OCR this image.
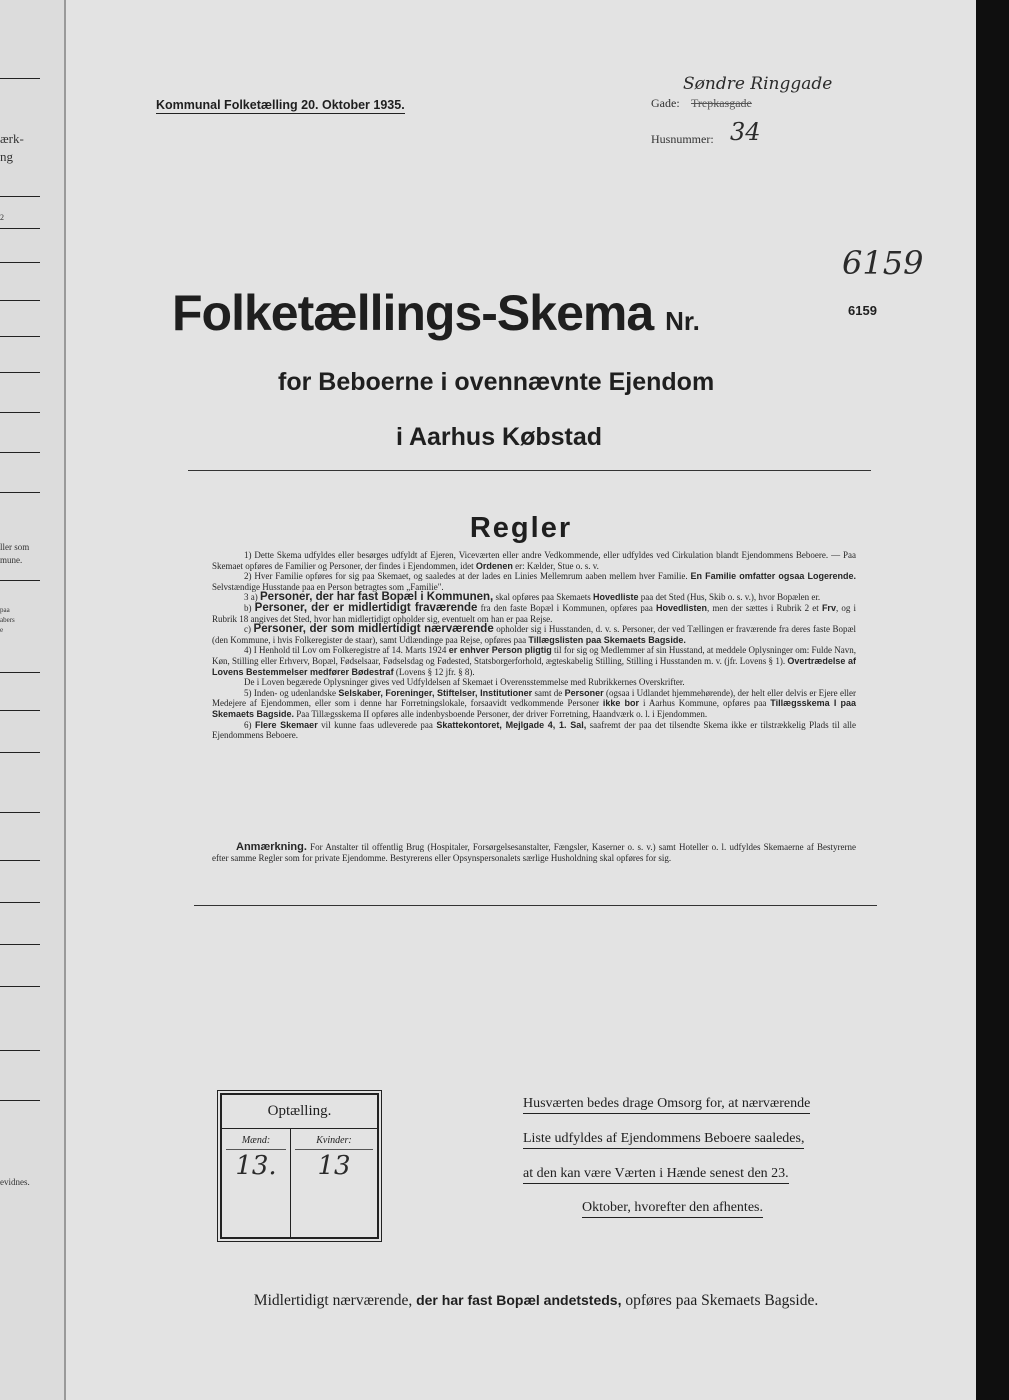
ærk-
ng
2
ller som
mune.
paa
abers
e
evidnes.
Kommunal Folketælling 20. Oktober 1935.	Gade: Trepkasgade
Søndre Ringgade
Husnummer: 34
6159
Folketællings-Skema Nr.	6159
for Beboerne i ovennævnte Ejendom
i Aarhus Købstad
Regler

1) Dette Skema udfyldes eller besørges udfyldt af Ejeren, Viceværten eller andre Vedkommende, eller udfyldes ved Cirkulation blandt Ejendommens Beboere. — Paa Skemaet opføres de Familier og Personer, der findes i Ejendommen, idet Ordenen er: Kælder, Stue o. s. v.

2) Hver Familie opføres for sig paa Skemaet, og saaledes at der lades en Linies Mellemrum aaben mellem hver Familie. En Familie omfatter ogsaa Logerende. Selvstændige Husstande paa en Person betragtes som „Familie".

3 a) Personer, der har fast Bopæl i Kommunen, skal opføres paa Skemaets Hovedliste paa det Sted (Hus, Skib o. s. v.), hvor Bopælen er.

b) Personer, der er midlertidigt fraværende fra den faste Bopæl i Kommunen, opføres paa Hovedlisten, men der sættes i Rubrik 2 et Frv, og i Rubrik 18 angives det Sted, hvor han midlertidigt opholder sig, eventuelt om han er paa Rejse.

c) Personer, der som midlertidigt nærværende opholder sig i Husstanden, d. v. s. Personer, der ved Tællingen er fraværende fra deres faste Bopæl (den Kommune, i hvis Folkeregister de staar), samt Udlændinge paa Rejse, opføres paa Tillægslisten paa Skemaets Bagside.

4) I Henhold til Lov om Folkeregistre af 14. Marts 1924 er enhver Person pligtig til for sig og Medlemmer af sin Husstand, at meddele Oplysninger om: Fulde Navn, Køn, Stilling eller Erhverv, Bopæl, Fødselsaar, Fødselsdag og Fødested, Statsborgerforhold, ægteskabelig Stilling, Stilling i Husstanden m. v. (jfr. Lovens § 1). Overtrædelse af Lovens Bestemmelser medfører Bødestraf (Lovens § 12 jfr. § 8).

De i Loven begærede Oplysninger gives ved Udfyldelsen af Skemaet i Overensstemmelse med Rubrikkernes Overskrifter.

5) Inden- og udenlandske Selskaber, Foreninger, Stiftelser, Institutioner samt de Personer (ogsaa i Udlandet hjemmehørende), der helt eller delvis er Ejere eller Medejere af Ejendommen, eller som i denne har Forretningslokale, forsaavidt vedkommende Personer ikke bor i Aarhus Kommune, opføres paa Tillægsskema I paa Skemaets Bagside. Paa Tillægsskema II opføres alle indenbysboende Personer, der driver Forretning, Haandværk o. l. i Ejendommen.

6) Flere Skemaer vil kunne faas udleverede paa Skattekontoret, Mejlgade 4, 1. Sal, saafremt der paa det tilsendte Skema ikke er tilstrækkelig Plads til alle Ejendommens Beboere.

Anmærkning. For Anstalter til offentlig Brug (Hospitaler, Forsørgelsesanstalter, Fængsler, Kaserner o. s. v.) samt Hoteller o. l. udfyldes Skemaerne af Bestyrerne efter samme Regler som for private Ejendomme. Bestyrerens eller Opsynspersonalets særlige Husholdning skal opføres for sig.

Optælling.
Mænd:
13.
Kvinder:
13
Husværten bedes drage Omsorg for, at nærværende
Liste udfyldes af Ejendommens Beboere saaledes,
at den kan være Værten i Hænde senest den 23.
Oktober, hvorefter den afhentes.
Midlertidigt nærværende, der har fast Bopæl andetsteds, opføres paa Skemaets Bagside.
